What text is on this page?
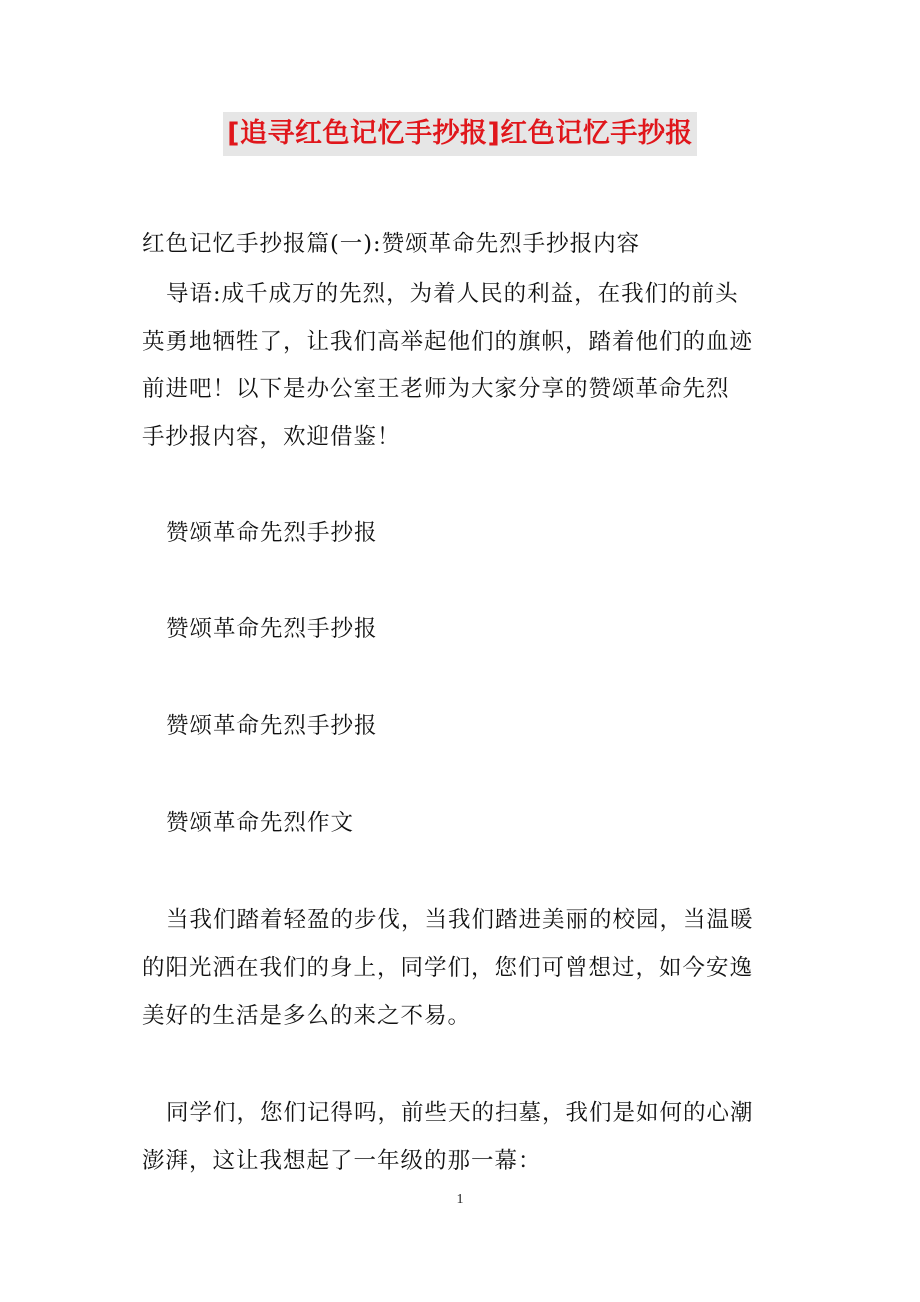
[追寻红色记忆手抄报]红色记忆手抄报
红色记忆手抄报篇(一):赞颂革命先烈手抄报内容
导语:成千成万的先烈，为着人民的利益，在我们的前头
英勇地牺牲了，让我们高举起他们的旗帜，踏着他们的血迹
前进吧！以下是办公室王老师为大家分享的赞颂革命先烈
手抄报内容，欢迎借鉴！
赞颂革命先烈手抄报
赞颂革命先烈手抄报
赞颂革命先烈手抄报
赞颂革命先烈作文
当我们踏着轻盈的步伐，当我们踏进美丽的校园，当温暖
的阳光洒在我们的身上，同学们，您们可曾想过，如今安逸
美好的生活是多么的来之不易。
同学们，您们记得吗，前些天的扫墓，我们是如何的心潮
澎湃，这让我想起了一年级的那一幕：
1
